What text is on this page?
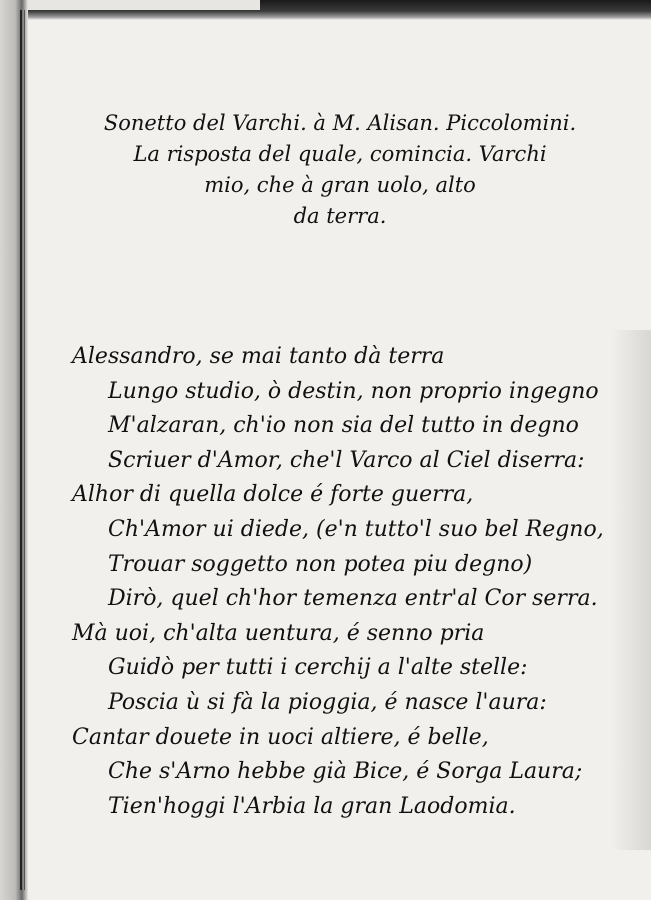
Sonetto del Varchi. à M. Alisan. Piccolomini.
La risposta del quale, comincia. Varchi
mio, che à gran uolo, alto
da terra.
Alessandro, se mai tanto dà terra
Lungo studio, ò destin, non proprio ingegno
M'alzaran, ch'io non sia del tutto in degno
Scriuer d'Amor, che'l Varco al Ciel diserra:
Alhor di quella dolce é forte guerra,
Ch'Amor ui diede, (e'n tutto'l suo bel Regno,
Trouar soggetto non potea piu degno)
Dirò, quel ch'hor temenza entr'al Cor serra.
Mà uoi, ch'alta uentura, é senno pria
Guidò per tutti i cerchij a l'alte stelle:
Poscia ù si fà la pioggia, é nasce l'aura:
Cantar douete in uoci altiere, é belle,
Che s'Arno hebbe già Bice, é Sorga Laura;
Tien'hoggi l'Arbia la gran Laodomia.
